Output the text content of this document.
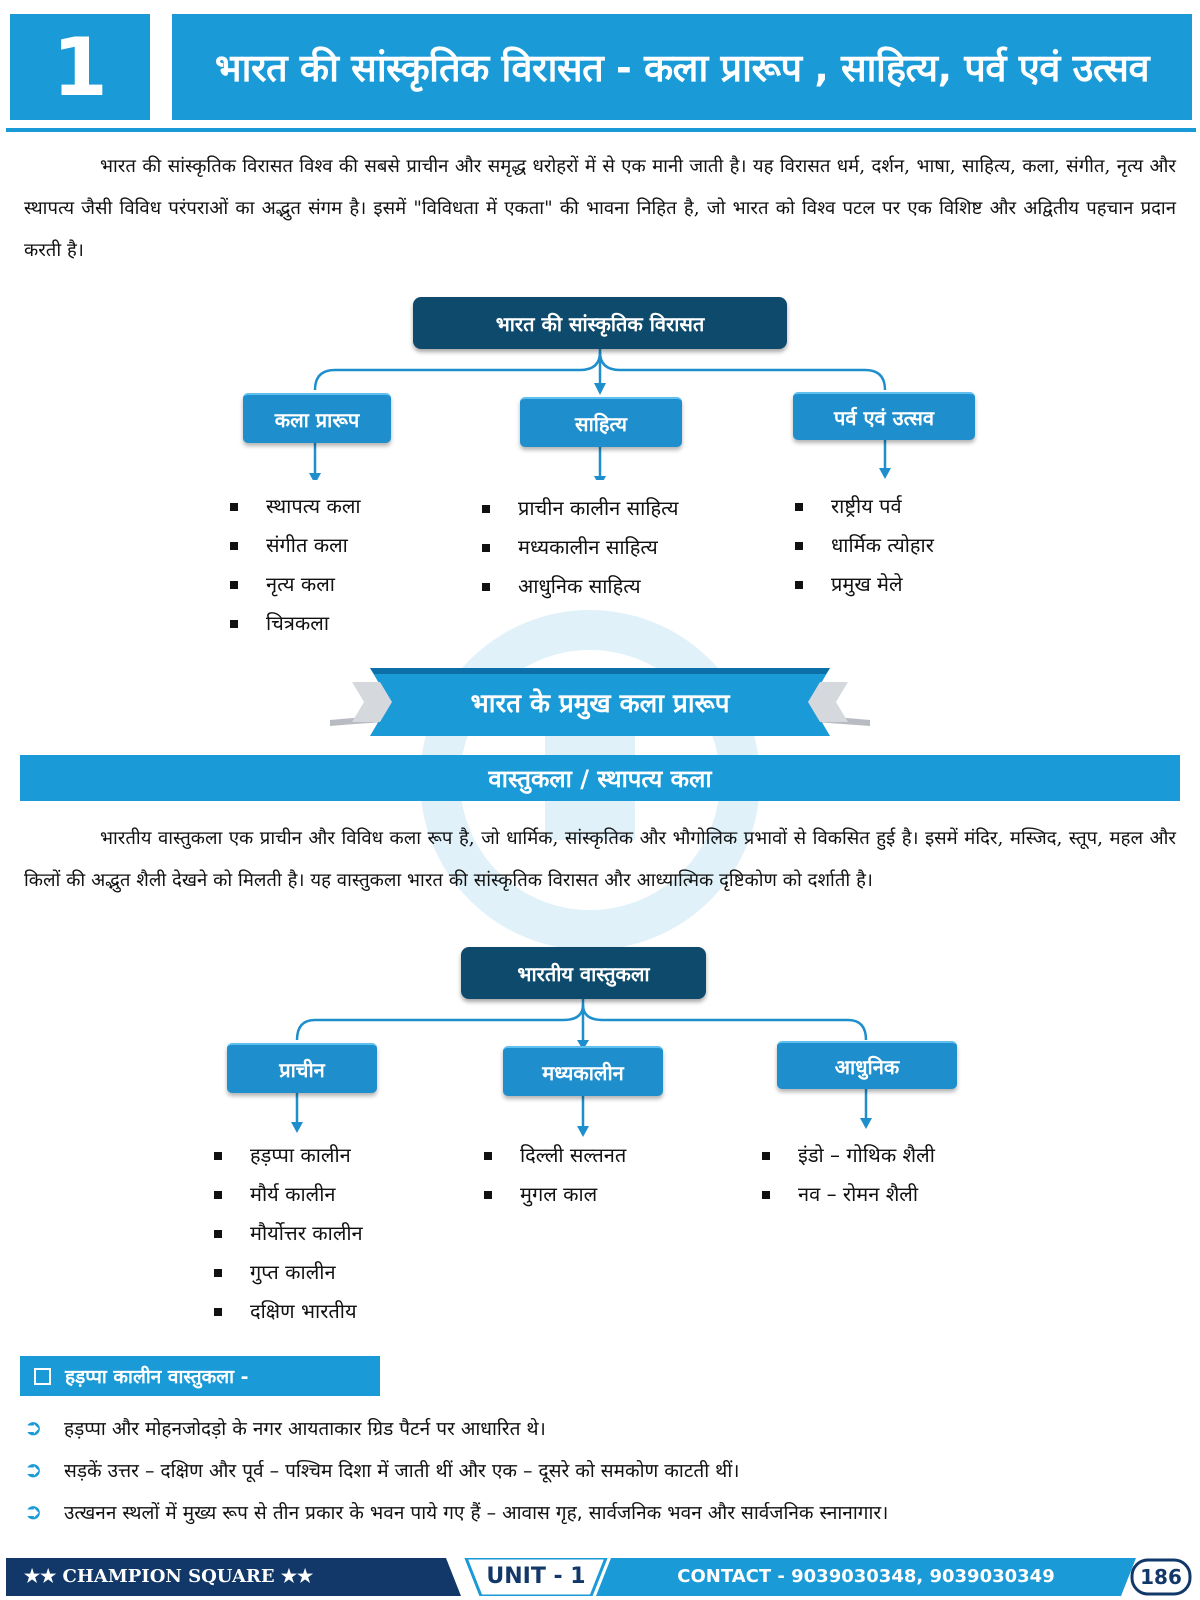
1	भारत की सांस्कृतिक विरासत - कला प्रारूप , साहित्य, पर्व एवं उत्सव
भारत की सांस्कृतिक विरासत विश्व की सबसे प्राचीन और समृद्ध धरोहरों में से एक मानी जाती है। यह विरासत धर्म, दर्शन, भाषा, साहित्य, कला, संगीत, नृत्य और स्थापत्य जैसी विविध परंपराओं का अद्भुत संगम है। इसमें "विविधता में एकता" की भावना निहित है, जो भारत को विश्व पटल पर एक विशिष्ट और अद्वितीय पहचान प्रदान करती है।
भारत की सांस्कृतिक विरासत
कला प्रारूप	साहित्य	पर्व एवं उत्सव
स्थापत्य कला
संगीत कला
नृत्य कला
चित्रकला
प्राचीन कालीन साहित्य
मध्यकालीन साहित्य
आधुनिक साहित्य
राष्ट्रीय पर्व
धार्मिक त्योहार
प्रमुख मेले
भारत के प्रमुख कला प्रारूप
वास्तुकला / स्थापत्य कला
भारतीय वास्तुकला एक प्राचीन और विविध कला रूप है, जो धार्मिक, सांस्कृतिक और भौगोलिक प्रभावों से विकसित हुई है। इसमें मंदिर, मस्जिद, स्तूप, महल और किलों की अद्भुत शैली देखने को मिलती है। यह वास्तुकला भारत की सांस्कृतिक विरासत और आध्यात्मिक दृष्टिकोण को दर्शाती है।
भारतीय वास्तुकला
प्राचीन	मध्यकालीन	आधुनिक
हड़प्पा कालीन
मौर्य कालीन
मौर्योत्तर कालीन
गुप्त कालीन
दक्षिण भारतीय
दिल्ली सल्तनत
मुगल काल
इंडो – गोथिक शैली
नव – रोमन शैली
हड़प्पा कालीन वास्तुकला -
➲ हड़प्पा और मोहनजोदड़ो के नगर आयताकार ग्रिड पैटर्न पर आधारित थे।
➲ सड़कें उत्तर – दक्षिण और पूर्व – पश्चिम दिशा में जाती थीं और एक – दूसरे को समकोण काटती थीं।
➲ उत्खनन स्थलों में मुख्य रूप से तीन प्रकार के भवन पाये गए हैं – आवास गृह, सार्वजनिक भवन और सार्वजनिक स्नानागार।
★★ CHAMPION SQUARE ★★	UNIT - 1	CONTACT - 9039030348, 9039030349	186
